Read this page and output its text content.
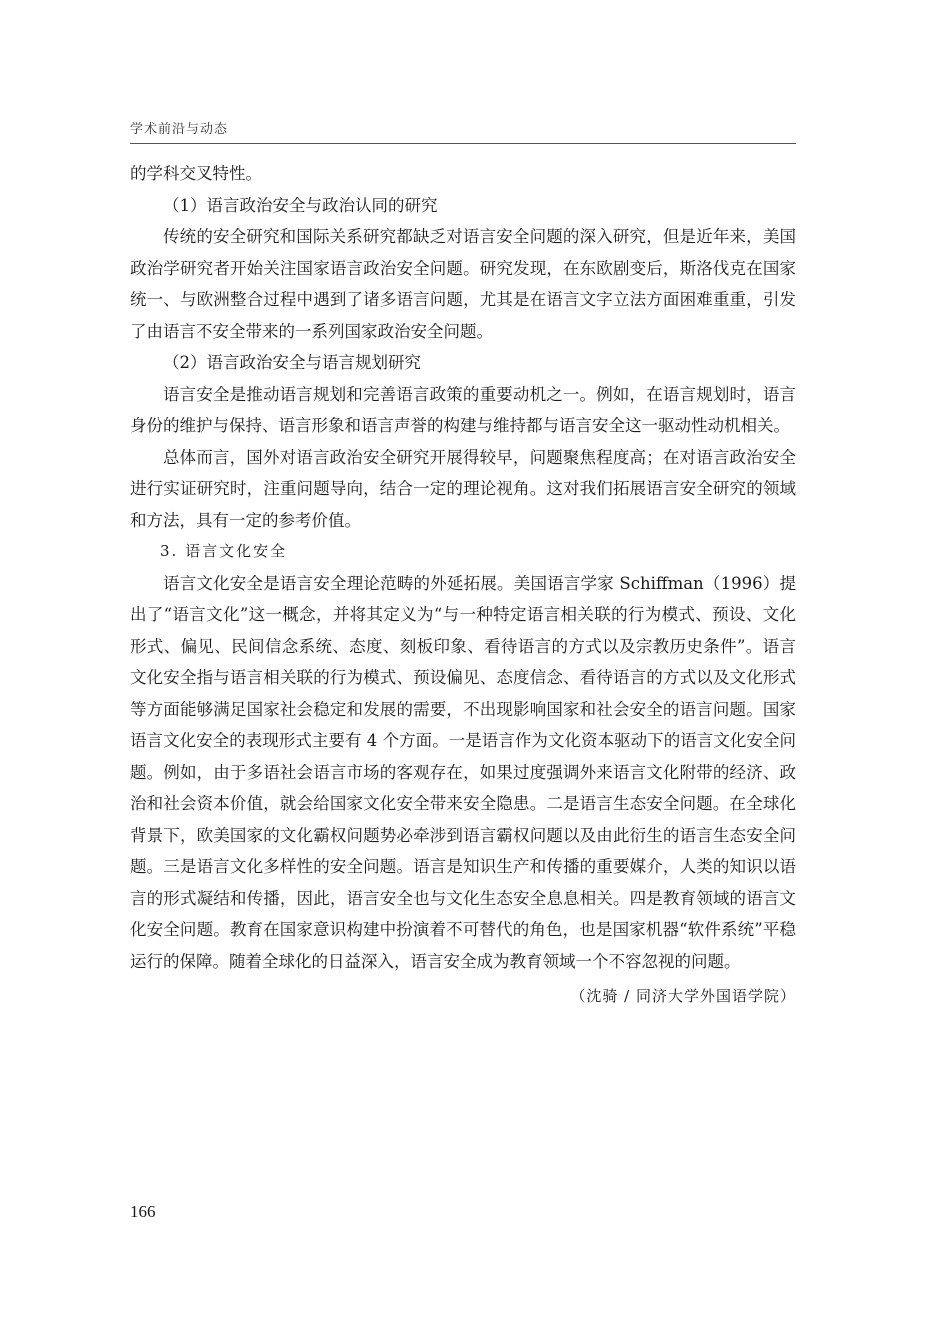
学术前沿与动态

的学科交叉特性。

（1）语言政治安全与政治认同的研究

传统的安全研究和国际关系研究都缺乏对语言安全问题的深入研究，但是近年来，美国政治学研究者开始关注国家语言政治安全问题。研究发现，在东欧剧变后，斯洛伐克在国家统一、与欧洲整合过程中遇到了诸多语言问题，尤其是在语言文字立法方面困难重重，引发了由语言不安全带来的一系列国家政治安全问题。

（2）语言政治安全与语言规划研究

语言安全是推动语言规划和完善语言政策的重要动机之一。例如，在语言规划时，语言身份的维护与保持、语言形象和语言声誉的构建与维持都与语言安全这一驱动性动机相关。

总体而言，国外对语言政治安全研究开展得较早，问题聚焦程度高；在对语言政治安全进行实证研究时，注重问题导向，结合一定的理论视角。这对我们拓展语言安全研究的领域和方法，具有一定的参考价值。

3. 语言文化安全

语言文化安全是语言安全理论范畴的外延拓展。美国语言学家 Schiffman（1996）提出了“语言文化”这一概念，并将其定义为“与一种特定语言相关联的行为模式、预设、文化形式、偏见、民间信念系统、态度、刻板印象、看待语言的方式以及宗教历史条件”。语言文化安全指与语言相关联的行为模式、预设偏见、态度信念、看待语言的方式以及文化形式等方面能够满足国家社会稳定和发展的需要，不出现影响国家和社会安全的语言问题。国家语言文化安全的表现形式主要有 4 个方面。一是语言作为文化资本驱动下的语言文化安全问题。例如，由于多语社会语言市场的客观存在，如果过度强调外来语言文化附带的经济、政治和社会资本价值，就会给国家文化安全带来安全隐患。二是语言生态安全问题。在全球化背景下，欧美国家的文化霸权问题势必牵涉到语言霸权问题以及由此衍生的语言生态安全问题。三是语言文化多样性的安全问题。语言是知识生产和传播的重要媒介，人类的知识以语言的形式凝结和传播，因此，语言安全也与文化生态安全息息相关。四是教育领域的语言文化安全问题。教育在国家意识构建中扮演着不可替代的角色，也是国家机器“软件系统”平稳运行的保障。随着全球化的日益深入，语言安全成为教育领域一个不容忽视的问题。

（沈骑 / 同济大学外国语学院）

166
